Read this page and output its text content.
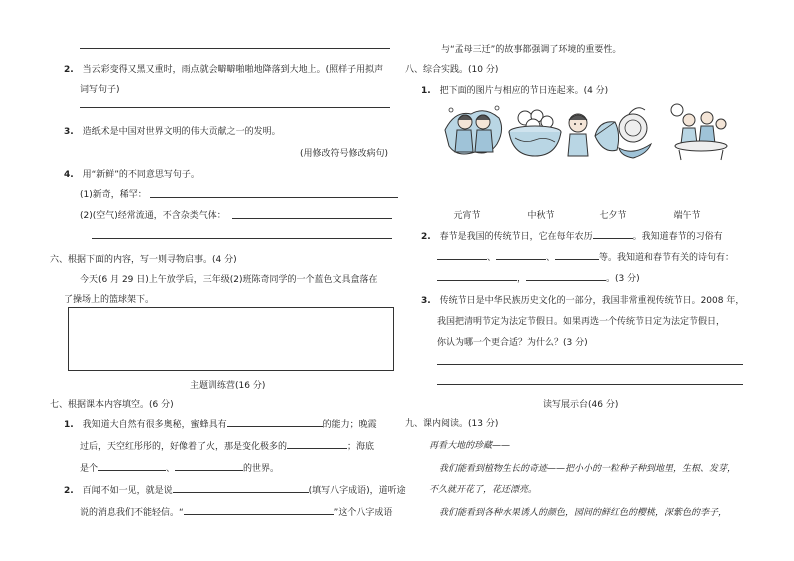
2. 当云彩变得又黑又重时，雨点就会噼噼啪啪地降落到大地上。(照样子用拟声
词写句子)
3. 造纸术是中国对世界文明的伟大贡献之一的发明。
(用修改符号修改病句)
4. 用“新鲜”的不同意思写句子。
(1)新奇，稀罕：
(2)(空气)经常流通，不含杂类气体：
六、根据下面的内容，写一则寻物启事。(4 分)
今天(6 月 29 日)上午放学后，三年级(2)班陈奇同学的一个蓝色文具盒落在
了操场上的篮球架下。
主题训练营(16 分)
七、根据课本内容填空。(6 分)
1. 我知道大自然有很多奥秘，蜜蜂具有	的能力；晚霞
过后，天空红彤彤的，好像着了火，那是变化极多的	；海底
是个	、	的世界。
2. 百闻不如一见，就是说	(填写八字成语)，道听途
说的消息我们不能轻信。“	”这个八字成语
与“孟母三迁”的故事都强调了环境的重要性。
八、综合实践。(10 分)
1. 把下面的图片与相应的节日连起来。(4 分)
元宵节	中秋节	七夕节	端午节
2. 春节是我国的传统节日，它在每年农历	。我知道春节的习俗有
、	、	等。我知道和春节有关的诗句有：
，	。(3 分)
3. 传统节日是中华民族历史文化的一部分，我国非常重视传统节日。2008 年，
我国把清明节定为法定节假日。如果再选一个传统节日定为法定节假日，
你认为哪一个更合适？为什么？(3 分)
读写展示台(46 分)
九、课内阅读。(13 分)
再看大地的珍藏——
我们能看到植物生长的奇迹——把小小的一粒种子种到地里，生根、发芽，
不久就开花了，花还漂亮。
我们能看到各种水果诱人的颜色，园间的鲜红色的樱桃，深紫色的李子，
